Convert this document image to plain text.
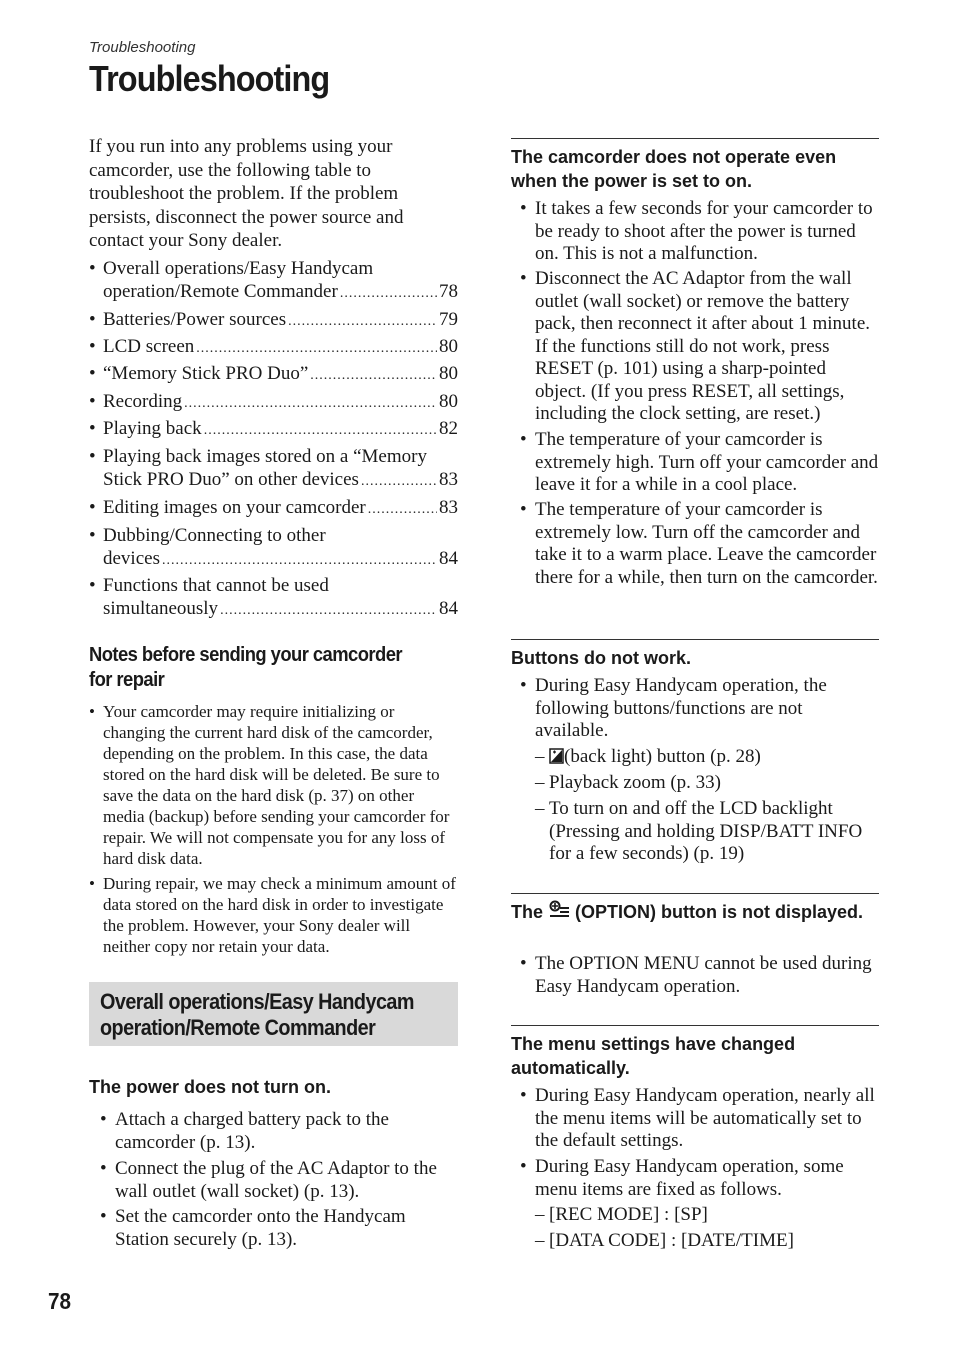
Troubleshooting
Troubleshooting
If you run into any problems using your camcorder, use the following table to troubleshoot the problem. If the problem persists, disconnect the power source and contact your Sony dealer.
• Overall operations/Easy Handycam
operation/Remote Commander .....	78
• Batteries/Power sources .....	79
• LCD screen .....	80
• “Memory Stick PRO Duo” .....	80
• Recording .....	80
• Playing back .....	82
• Playing back images stored on a “Memory
Stick PRO Duo” on other devices .....	83
• Editing images on your camcorder .....	83
• Dubbing/Connecting to other
devices .....	84
• Functions that cannot be used
simultaneously .....	84
Notes before sending your camcorder for repair
• Your camcorder may require initializing or changing the current hard disk of the camcorder, depending on the problem. In this case, the data stored on the hard disk will be deleted. Be sure to save the data on the hard disk (p. 37) on other media (backup) before sending your camcorder for repair. We will not compensate you for any loss of hard disk data.
• During repair, we may check a minimum amount of data stored on the hard disk in order to investigate the problem. However, your Sony dealer will neither copy nor retain your data.
Overall operations/Easy Handycam operation/Remote Commander
The power does not turn on.
• Attach a charged battery pack to the camcorder (p. 13).
• Connect the plug of the AC Adaptor to the wall outlet (wall socket) (p. 13).
• Set the camcorder onto the Handycam Station securely (p. 13).
The camcorder does not operate even when the power is set to on.
• It takes a few seconds for your camcorder to be ready to shoot after the power is turned on. This is not a malfunction.
• Disconnect the AC Adaptor from the wall outlet (wall socket) or remove the battery pack, then reconnect it after about 1 minute. If the functions still do not work, press RESET (p. 101) using a sharp-pointed object. (If you press RESET, all settings, including the clock setting, are reset.)
• The temperature of your camcorder is extremely high. Turn off your camcorder and leave it for a while in a cool place.
• The temperature of your camcorder is extremely low. Turn off the camcorder and take it to a warm place. Leave the camcorder there for a while, then turn on the camcorder.
Buttons do not work.
• During Easy Handycam operation, the following buttons/functions are not available.
–	(back light) button (p. 28)
– Playback zoom (p. 33)
– To turn on and off the LCD backlight (Pressing and holding DISP/BATT INFO for a few seconds) (p. 19)
The (OPTION) button is not displayed.
• The OPTION MENU cannot be used during Easy Handycam operation.
The menu settings have changed automatically.
• During Easy Handycam operation, nearly all the menu items will be automatically set to the default settings.
• During Easy Handycam operation, some menu items are fixed as follows.
– [REC MODE] : [SP]
– [DATA CODE] : [DATE/TIME]
78
